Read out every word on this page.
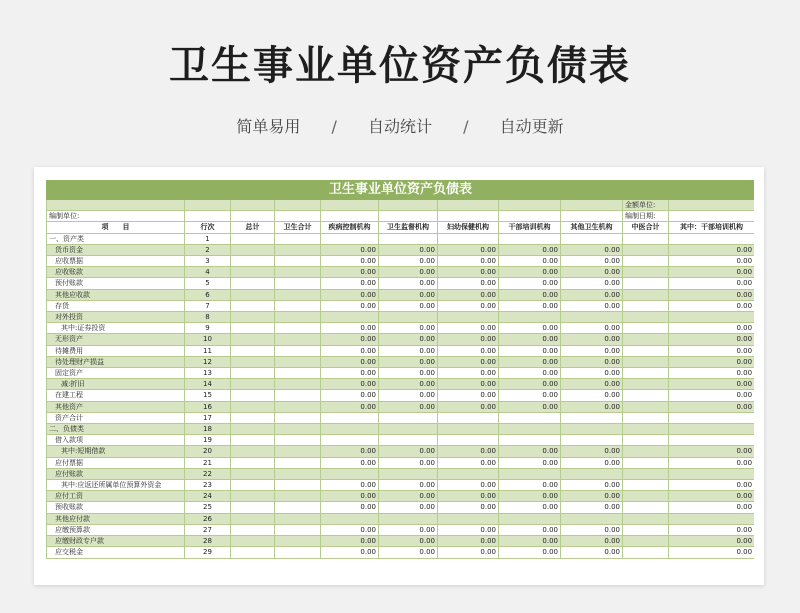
卫生事业单位资产负债表
简单易用 / 自动统计 / 自动更新
卫生事业单位资产负债表										
									金额单位:	
编制单位:									编制日期:	
项　　目	行次	总计	卫生合计	疾病控制机构	卫生监督机构	妇幼保健机构	干部培训机构	其他卫生机构	中医合计	其中：干部培训机构
一、资产类	1									
货币资金	2			0.00	0.00	0.00	0.00	0.00		0.00
应收票据	3			0.00	0.00	0.00	0.00	0.00		0.00
应收账款	4			0.00	0.00	0.00	0.00	0.00		0.00
预付账款	5			0.00	0.00	0.00	0.00	0.00		0.00
其他应收款	6			0.00	0.00	0.00	0.00	0.00		0.00
存货	7			0.00	0.00	0.00	0.00	0.00		0.00
对外投资	8									
其中:证券投资	9			0.00	0.00	0.00	0.00	0.00		0.00
无形资产	10			0.00	0.00	0.00	0.00	0.00		0.00
待摊费用	11			0.00	0.00	0.00	0.00	0.00		0.00
待处理财产损益	12			0.00	0.00	0.00	0.00	0.00		0.00
固定资产	13			0.00	0.00	0.00	0.00	0.00		0.00
减:折旧	14			0.00	0.00	0.00	0.00	0.00		0.00
在建工程	15			0.00	0.00	0.00	0.00	0.00		0.00
其他资产	16			0.00	0.00	0.00	0.00	0.00		0.00
资产合计	17									
二、负债类	18									
借入款项	19									
其中:短期借款	20			0.00	0.00	0.00	0.00	0.00		0.00
应付票据	21			0.00	0.00	0.00	0.00	0.00		0.00
应付账款	22									
其中:应返还所属单位预算外资金	23			0.00	0.00	0.00	0.00	0.00		0.00
应付工资	24			0.00	0.00	0.00	0.00	0.00		0.00
预收账款	25			0.00	0.00	0.00	0.00	0.00		0.00
其他应付款	26									
应缴预算款	27			0.00	0.00	0.00	0.00	0.00		0.00
应缴财政专户款	28			0.00	0.00	0.00	0.00	0.00		0.00
应交税金	29			0.00	0.00	0.00	0.00	0.00		0.00
